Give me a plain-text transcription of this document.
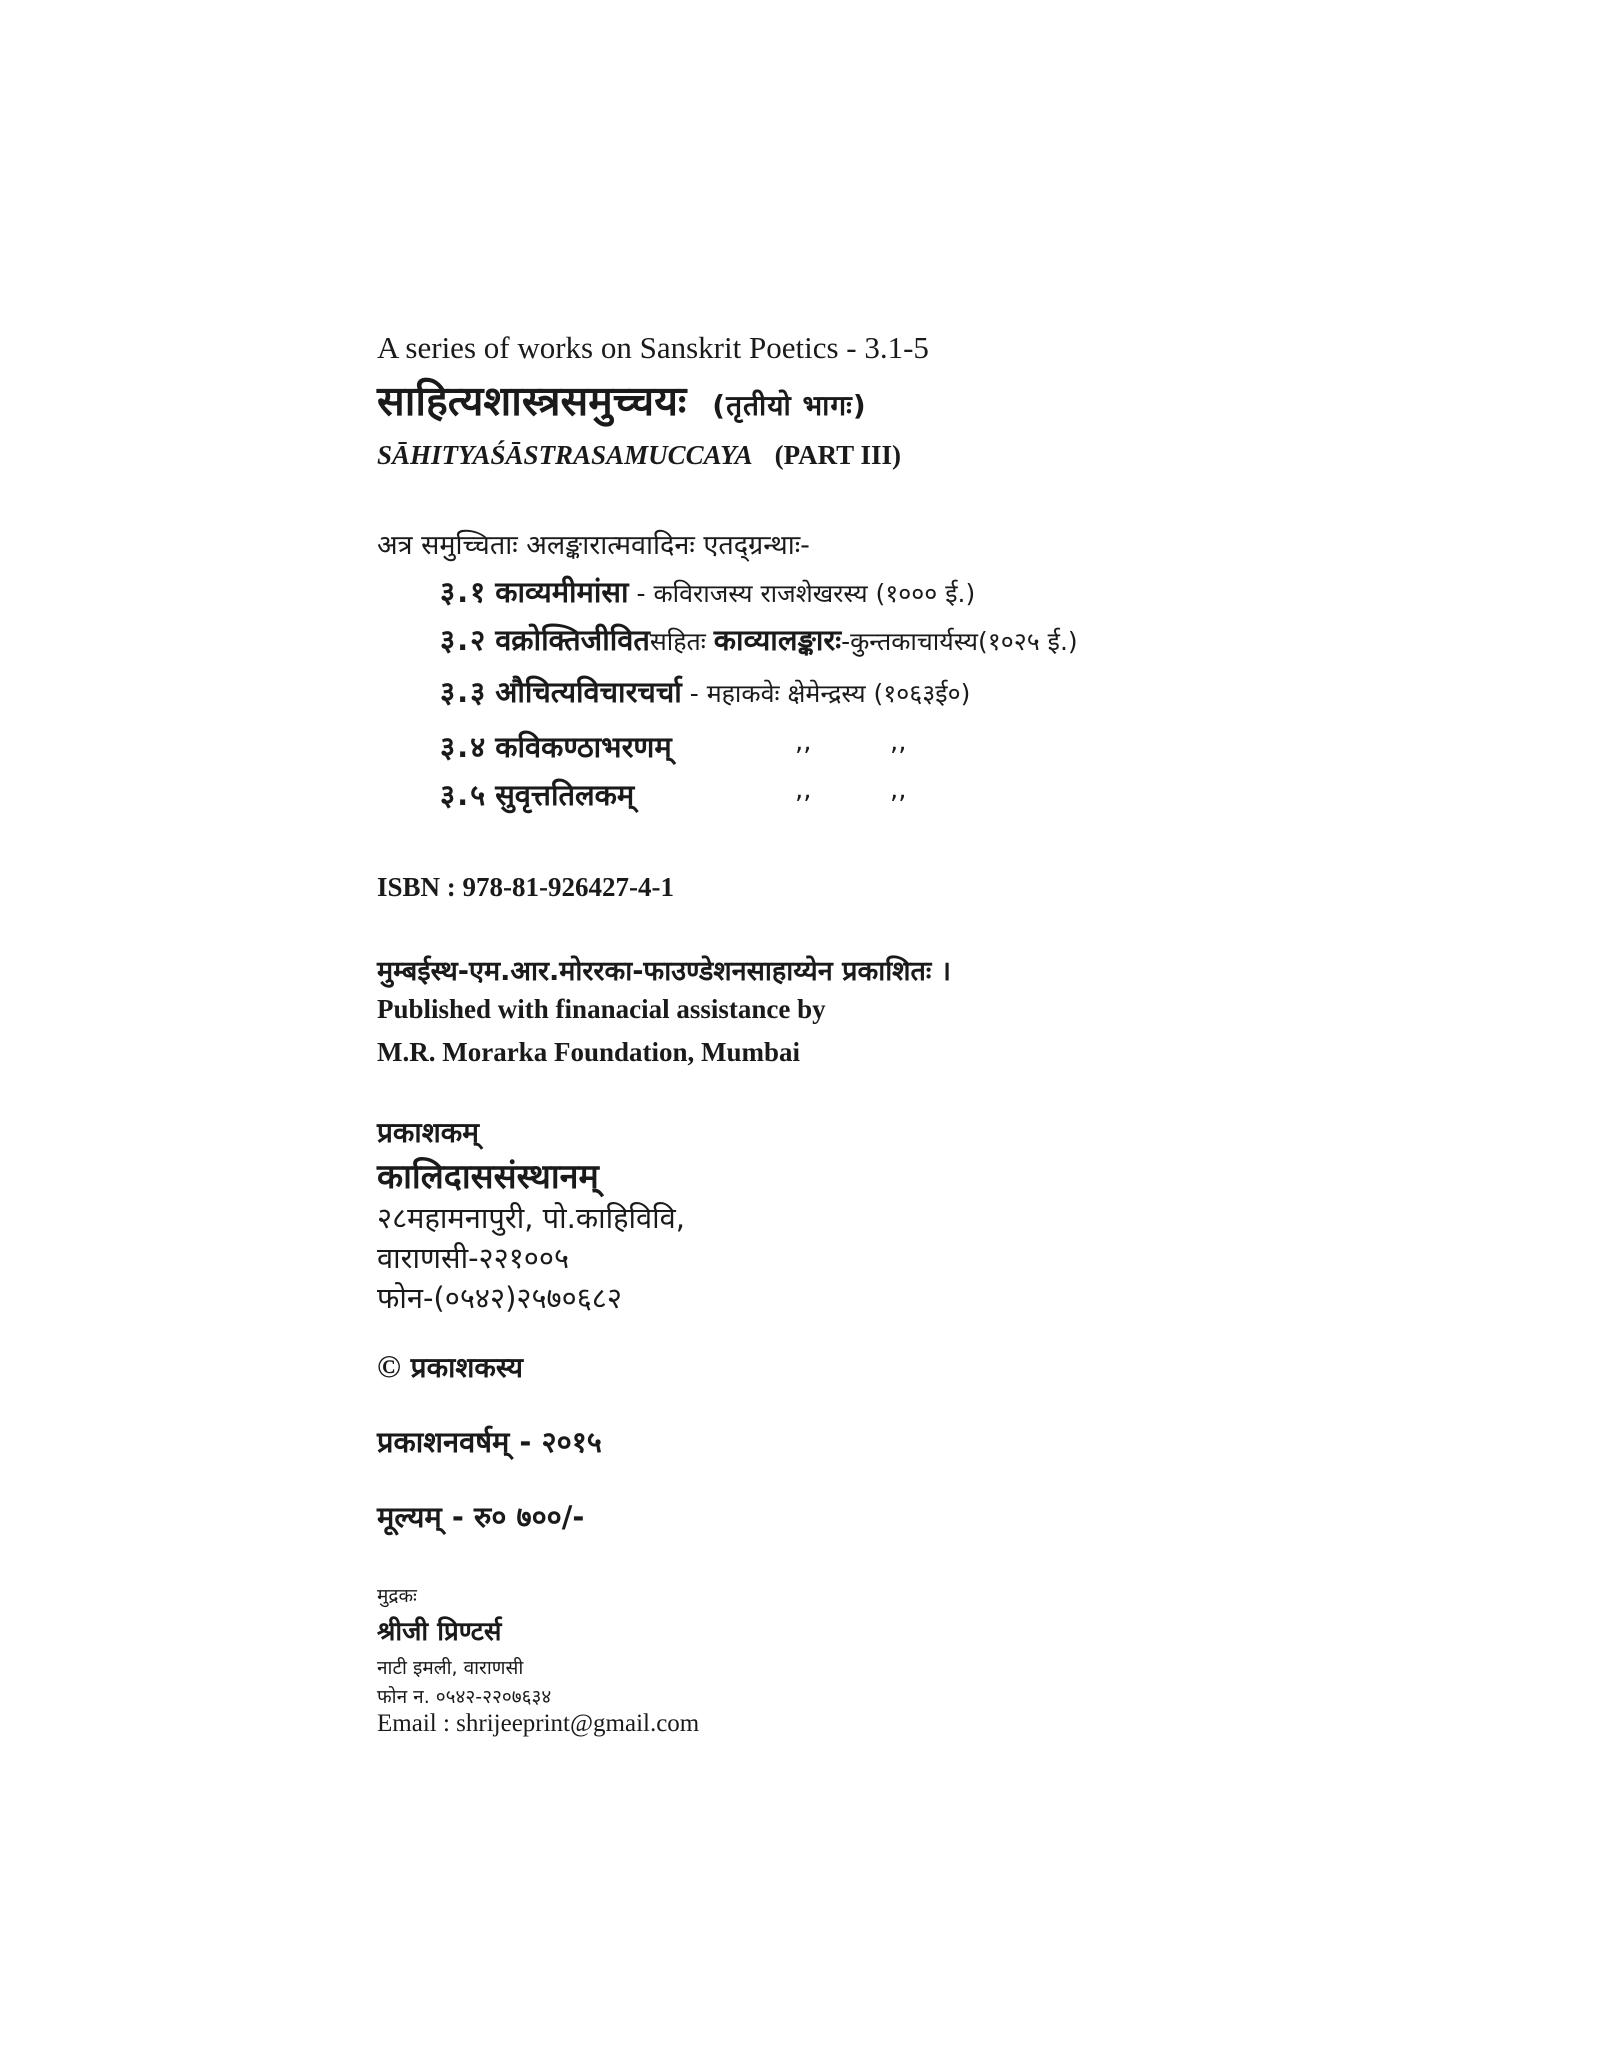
A series of works on Sanskrit Poetics - 3.1-5
साहित्यशास्त्रसमुच्चयः (तृतीयो भागः)
SĀHITYAŚĀSTRASAMUCCAYA (PART III)
अत्र समुच्चिताः अलङ्कारात्मवादिनः एतद्ग्रन्थाः-
३.१ काव्यमीमांसा - कविराजस्य राजशेखरस्य (१००० ई.)
३.२ वक्रोक्तिजीवितसहितः काव्यालङ्कारः-कुन्तकाचार्यस्य(१०२५ ई.)
३.३ औचित्यविचारचर्चा - महाकवेः क्षेमेन्द्रस्य (१०६३ई०)
३.४ कविकण्ठाभरणम्	,,	,,
३.५ सुवृत्ततिलकम्	,,	,,
ISBN : 978-81-926427-4-1
मुम्बईस्थ-एम.आर.मोररका-फाउण्डेशनसाहाय्येन प्रकाशितः ।
Published with finanacial assistance by
M.R. Morarka Foundation, Mumbai
प्रकाशकम्
कालिदाससंस्थानम्
२८महामनापुरी, पो.काहिविवि,
वाराणसी-२२१००५
फोन-(०५४२)२५७०६८२
© प्रकाशकस्य
प्रकाशनवर्षम् - २०१५
मूल्यम् - रु० ७००/-
मुद्रकः
श्रीजी प्रिण्टर्स
नाटी इमली, वाराणसी
फोन न. ०५४२-२२०७६३४
Email : shrijeeprint@gmail.com
